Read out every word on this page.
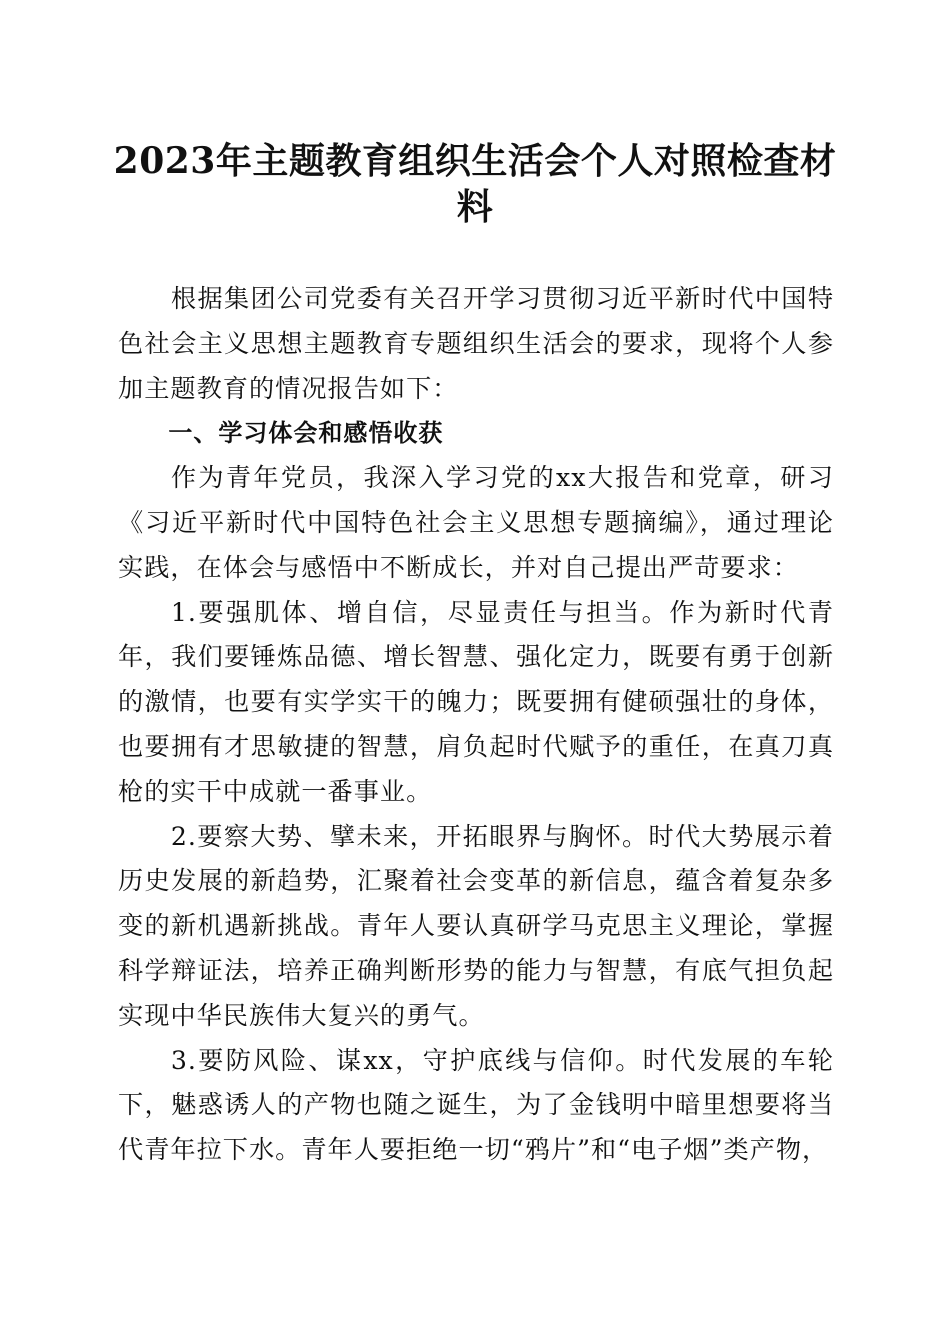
2023年主题教育组织生活会个人对照检查材料

根据集团公司党委有关召开学习贯彻习近平新时代中国特色社会主义思想主题教育专题组织生活会的要求，现将个人参加主题教育的情况报告如下：

一、学习体会和感悟收获

作为青年党员，我深入学习党的xx大报告和党章，研习《习近平新时代中国特色社会主义思想专题摘编》，通过理论实践，在体会与感悟中不断成长，并对自己提出严苛要求：

1.要强肌体、增自信，尽显责任与担当。作为新时代青年，我们要锤炼品德、增长智慧、强化定力，既要有勇于创新的激情，也要有实学实干的魄力；既要拥有健硕强壮的身体，也要拥有才思敏捷的智慧，肩负起时代赋予的重任，在真刀真枪的实干中成就一番事业。

2.要察大势、擘未来，开拓眼界与胸怀。时代大势展示着历史发展的新趋势，汇聚着社会变革的新信息，蕴含着复杂多变的新机遇新挑战。青年人要认真研学马克思主义理论，掌握科学辩证法，培养正确判断形势的能力与智慧，有底气担负起实现中华民族伟大复兴的勇气。

3.要防风险、谋xx，守护底线与信仰。时代发展的车轮下，魅惑诱人的产物也随之诞生，为了金钱明中暗里想要将当代青年拉下水。青年人要拒绝一切“鸦片”和“电子烟”类产物，
